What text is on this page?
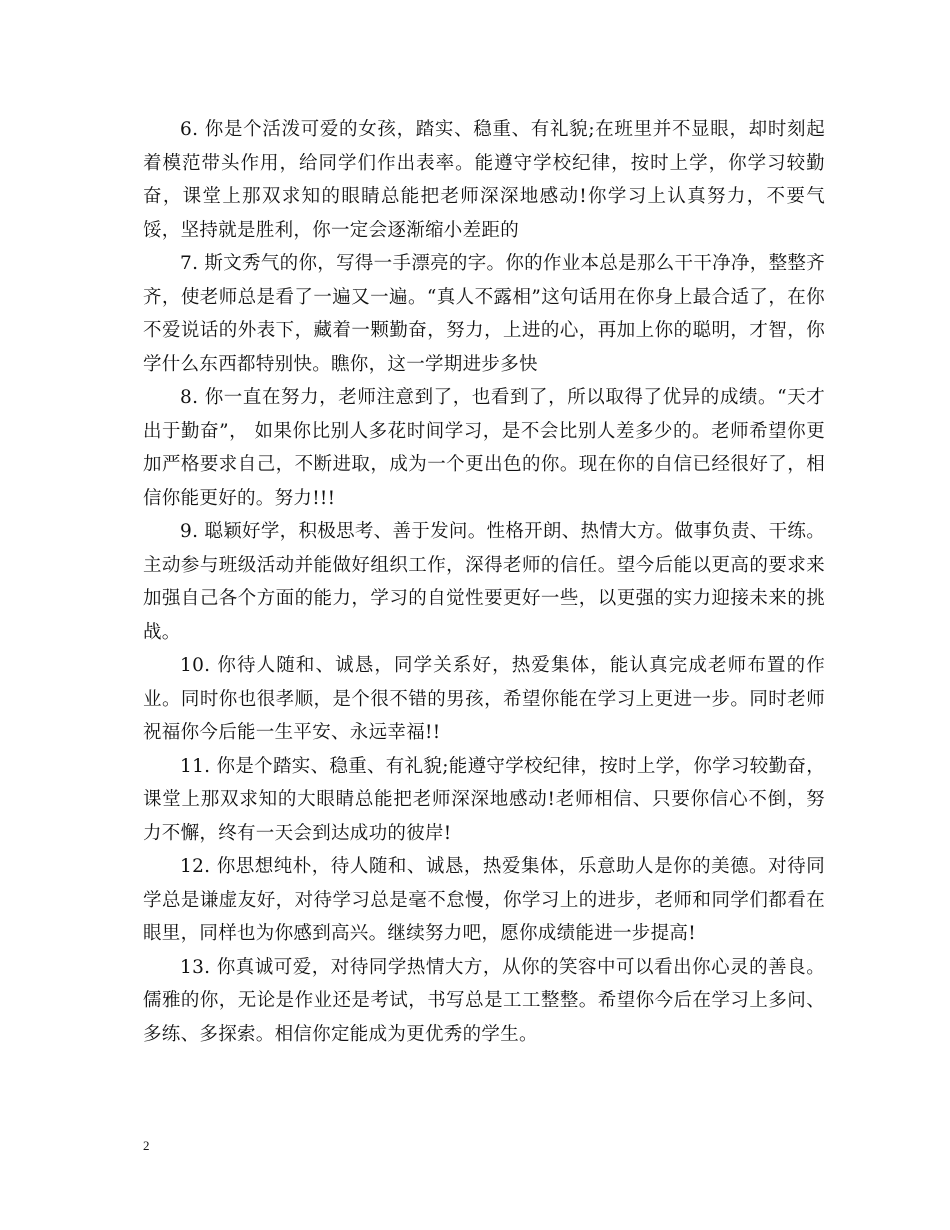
6. 你是个活泼可爱的女孩，踏实、稳重、有礼貌;在班里并不显眼，却时刻起着模范带头作用，给同学们作出表率。能遵守学校纪律，按时上学，你学习较勤奋，课堂上那双求知的眼睛总能把老师深深地感动!你学习上认真努力，不要气馁，坚持就是胜利，你一定会逐渐缩小差距的

7. 斯文秀气的你，写得一手漂亮的字。你的作业本总是那么干干净净，整整齐齐，使老师总是看了一遍又一遍。“真人不露相”这句话用在你身上最合适了，在你不爱说话的外表下，藏着一颗勤奋，努力，上进的心，再加上你的聪明，才智，你学什么东西都特别快。瞧你，这一学期进步多快

8. 你一直在努力，老师注意到了，也看到了，所以取得了优异的成绩。“天才出于勤奋”， 如果你比别人多花时间学习，是不会比别人差多少的。老师希望你更加严格要求自己，不断进取，成为一个更出色的你。现在你的自信已经很好了，相信你能更好的。努力!!!

9. 聪颖好学，积极思考、善于发问。性格开朗、热情大方。做事负责、干练。主动参与班级活动并能做好组织工作，深得老师的信任。望今后能以更高的要求来加强自己各个方面的能力，学习的自觉性要更好一些，以更强的实力迎接未来的挑战。

10. 你待人随和、诚恳，同学关系好，热爱集体，能认真完成老师布置的作业。同时你也很孝顺，是个很不错的男孩，希望你能在学习上更进一步。同时老师祝福你今后能一生平安、永远幸福!!

11. 你是个踏实、稳重、有礼貌;能遵守学校纪律，按时上学，你学习较勤奋，课堂上那双求知的大眼睛总能把老师深深地感动!老师相信、只要你信心不倒，努力不懈，终有一天会到达成功的彼岸!

12. 你思想纯朴，待人随和、诚恳，热爱集体，乐意助人是你的美德。对待同学总是谦虚友好，对待学习总是毫不怠慢，你学习上的进步，老师和同学们都看在眼里，同样也为你感到高兴。继续努力吧，愿你成绩能进一步提高!

13. 你真诚可爱，对待同学热情大方，从你的笑容中可以看出你心灵的善良。儒雅的你，无论是作业还是考试，书写总是工工整整。希望你今后在学习上多问、多练、多探索。相信你定能成为更优秀的学生。

2
